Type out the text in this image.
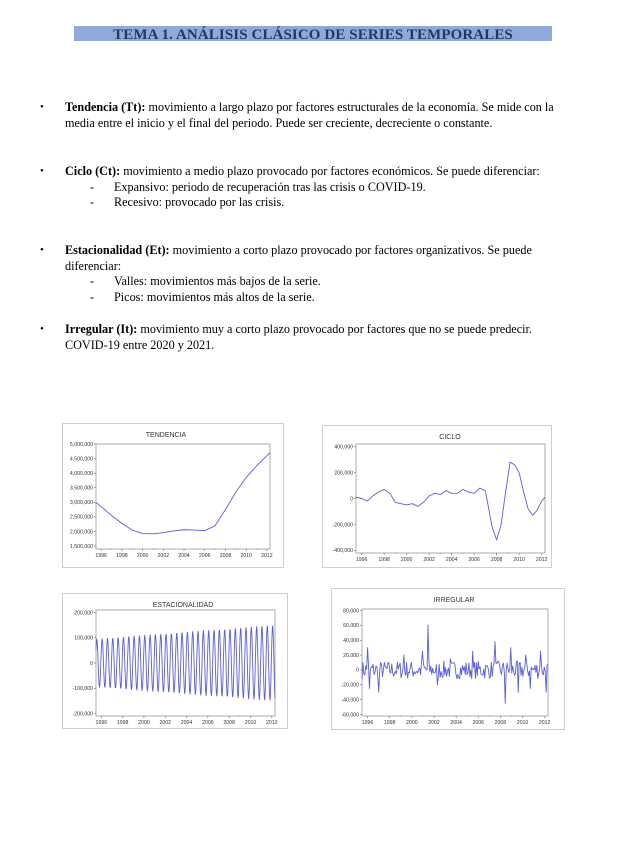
TEMA 1. ANÁLISIS CLÁSICO DE SERIES TEMPORALES
• Tendencia (Tt): movimiento a largo plazo por factores estructurales de la economía. Se mide con la media entre el inicio y el final del periodo. Puede ser creciente, decreciente o constante.
• Ciclo (Ct): movimiento a medio plazo provocado por factores económicos. Se puede diferenciar:
- Expansivo: periodo de recuperación tras las crisis o COVID-19.
- Recesivo: provocado por las crisis.
• Estacionalidad (Et): movimiento a corto plazo provocado por factores organizativos. Se puede diferenciar:
- Valles: movimientos más bajos de la serie.
- Picos: movimientos más altos de la serie.
• Irregular (It): movimiento muy a corto plazo provocado por factores que no se puede predecir. COVID-19 entre 2020 y 2021.
TENDENCIA
1,500,000
2,000,000
2,500,000
3,000,000
3,500,000
4,000,000
4,500,000
5,000,000
1996 1998 2000 2002 2004 2006 2008 2010 2012
CICLO
-400,000
-200,000
0
200,000
400,000
1996 1998 2000 2002 2004 2006 2008 2010 2012
ESTACIONALIDAD
-200,000
-100,000
0
100,000
200,000
1996 1998 2000 2002 2004 2006 2008 2010 2012
IRREGULAR
-60,000
-40,000
-20,000
0
20,000
40,000
60,000
80,000
1996 1998 2000 2002 2004 2006 2008 2010 2012
